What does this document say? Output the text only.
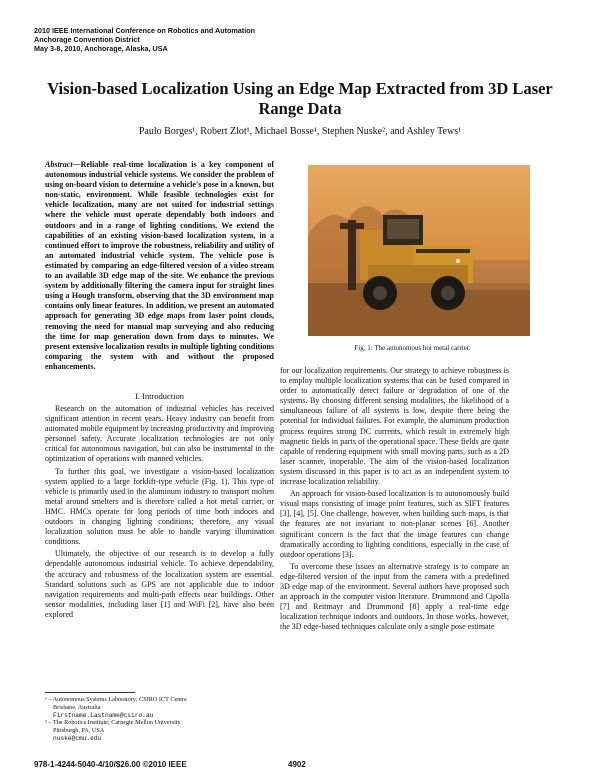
2010 IEEE International Conference on Robotics and Automation
Anchorage Convention District
May 3-8, 2010, Anchorage, Alaska, USA
Vision-based Localization Using an Edge Map Extracted from 3D Laser
Range Data
Paulo Borges¹, Robert Zlot¹, Michael Bosse¹, Stephen Nuske², and Ashley Tews¹

Abstract—Reliable real-time localization is a key component of autonomous industrial vehicle systems. We consider the problem of using on-board vision to determine a vehicle's pose in a known, but non-static, environment. While feasible technologies exist for vehicle localization, many are not suited for industrial settings where the vehicle must operate dependably both indoors and outdoors and in a range of lighting conditions. We extend the capabilities of an existing vision-based localization system, in a continued effort to improve the robustness, reliability and utility of an automated industrial vehicle system. The vehicle pose is estimated by comparing an edge-filtered version of a video stream to an available 3D edge map of the site. We enhance the previous system by additionally filtering the camera input for straight lines using a Hough transform, observing that the 3D environment map contains only linear features. In addition, we present an automated approach for generating 3D edge maps from laser point clouds, removing the need for manual map surveying and also reducing the time for map generation down from days to minutes. We present extensive localization results in multiple lighting conditions comparing the system with and without the proposed enhancements.

I. Introduction

Research on the automation of industrial vehicles has received significant attention in recent years. Heavy industry can benefit from automated mobile equipment by increasing productivity and improving personnel safety. Accurate localization technologies are not only critical for autonomous navigation, but can also be instrumental in the optimization of operations with manned vehicles.

To further this goal, we investigate a vision-based localization system applied to a large forklift-type vehicle (Fig. 1). This type of vehicle is primarily used in the aluminum industry to transport molten metal around smelters and is therefore called a hot metal carrier, or HMC. HMCs operate for long periods of time both indoors and outdoors in changing lighting conditions; therefore, any visual localization solution must be able to handle varying illumination conditions.

Ultimately, the objective of our research is to develop a fully dependable autonomous industrial vehicle. To achieve dependability, the accuracy and robustness of the localization system are essential. Standard solutions such as GPS are not applicable due to indoor navigation requirements and multi-path effects near buildings. Other sensor modalities, including laser [1] and WiFi [2], have also been explored

¹ – Autonomous Systems Laboratory; CSIRO ICT Centre
Brisbane, Australia
Firstname.Lastname@csiro.au
² – The Robotics Institute; Carnegie Mellon University
Pittsburgh, PA, USA
nuske@cmu.edu
Fig. 1: The autonomous hot metal carrier.

for our localization requirements. Our strategy to achieve robustness is to employ multiple localization systems that can be fused compared in order to automatically detect failure or degradation of one of the systems. By choosing different sensing modalities, the likelihood of a simultaneous failure of all systems is low, despite there being the potential for individual failures. For example, the aluminum production process requires strong DC currents, which result in extremely high magnetic fields in parts of the operational space. These fields are quite capable of rendering equipment with small moving parts, such as a 2D laser scanner, inoperable. The aim of the vision-based localization system discussed in this paper is to act as an independent system to increase localization reliability.

An approach for vision-based localization is to autonomously build visual maps consisting of image point features, such as SIFT features [3], [4], [5]. One challenge, however, when building such maps, is that the features are not invariant to non-planar scenes [6]. Another significant concern is the fact that the image features can change dramatically according to lighting conditions, especially in the case of outdoor operations [3].

To overcome these issues an alternative strategy is to compare an edge-filtered version of the input from the camera with a predefined 3D edge map of the environment. Several authors have proposed such an approach in the computer vision literature. Drummond and Cipolla [7] and Reitmayr and Drummond [8] apply a real-time edge localization technique indoors and outdoors. In those works, however, the 3D edge-based techniques calculate only a single pose estimate

978-1-4244-5040-4/10/$26.00 ©2010 IEEE	4902
